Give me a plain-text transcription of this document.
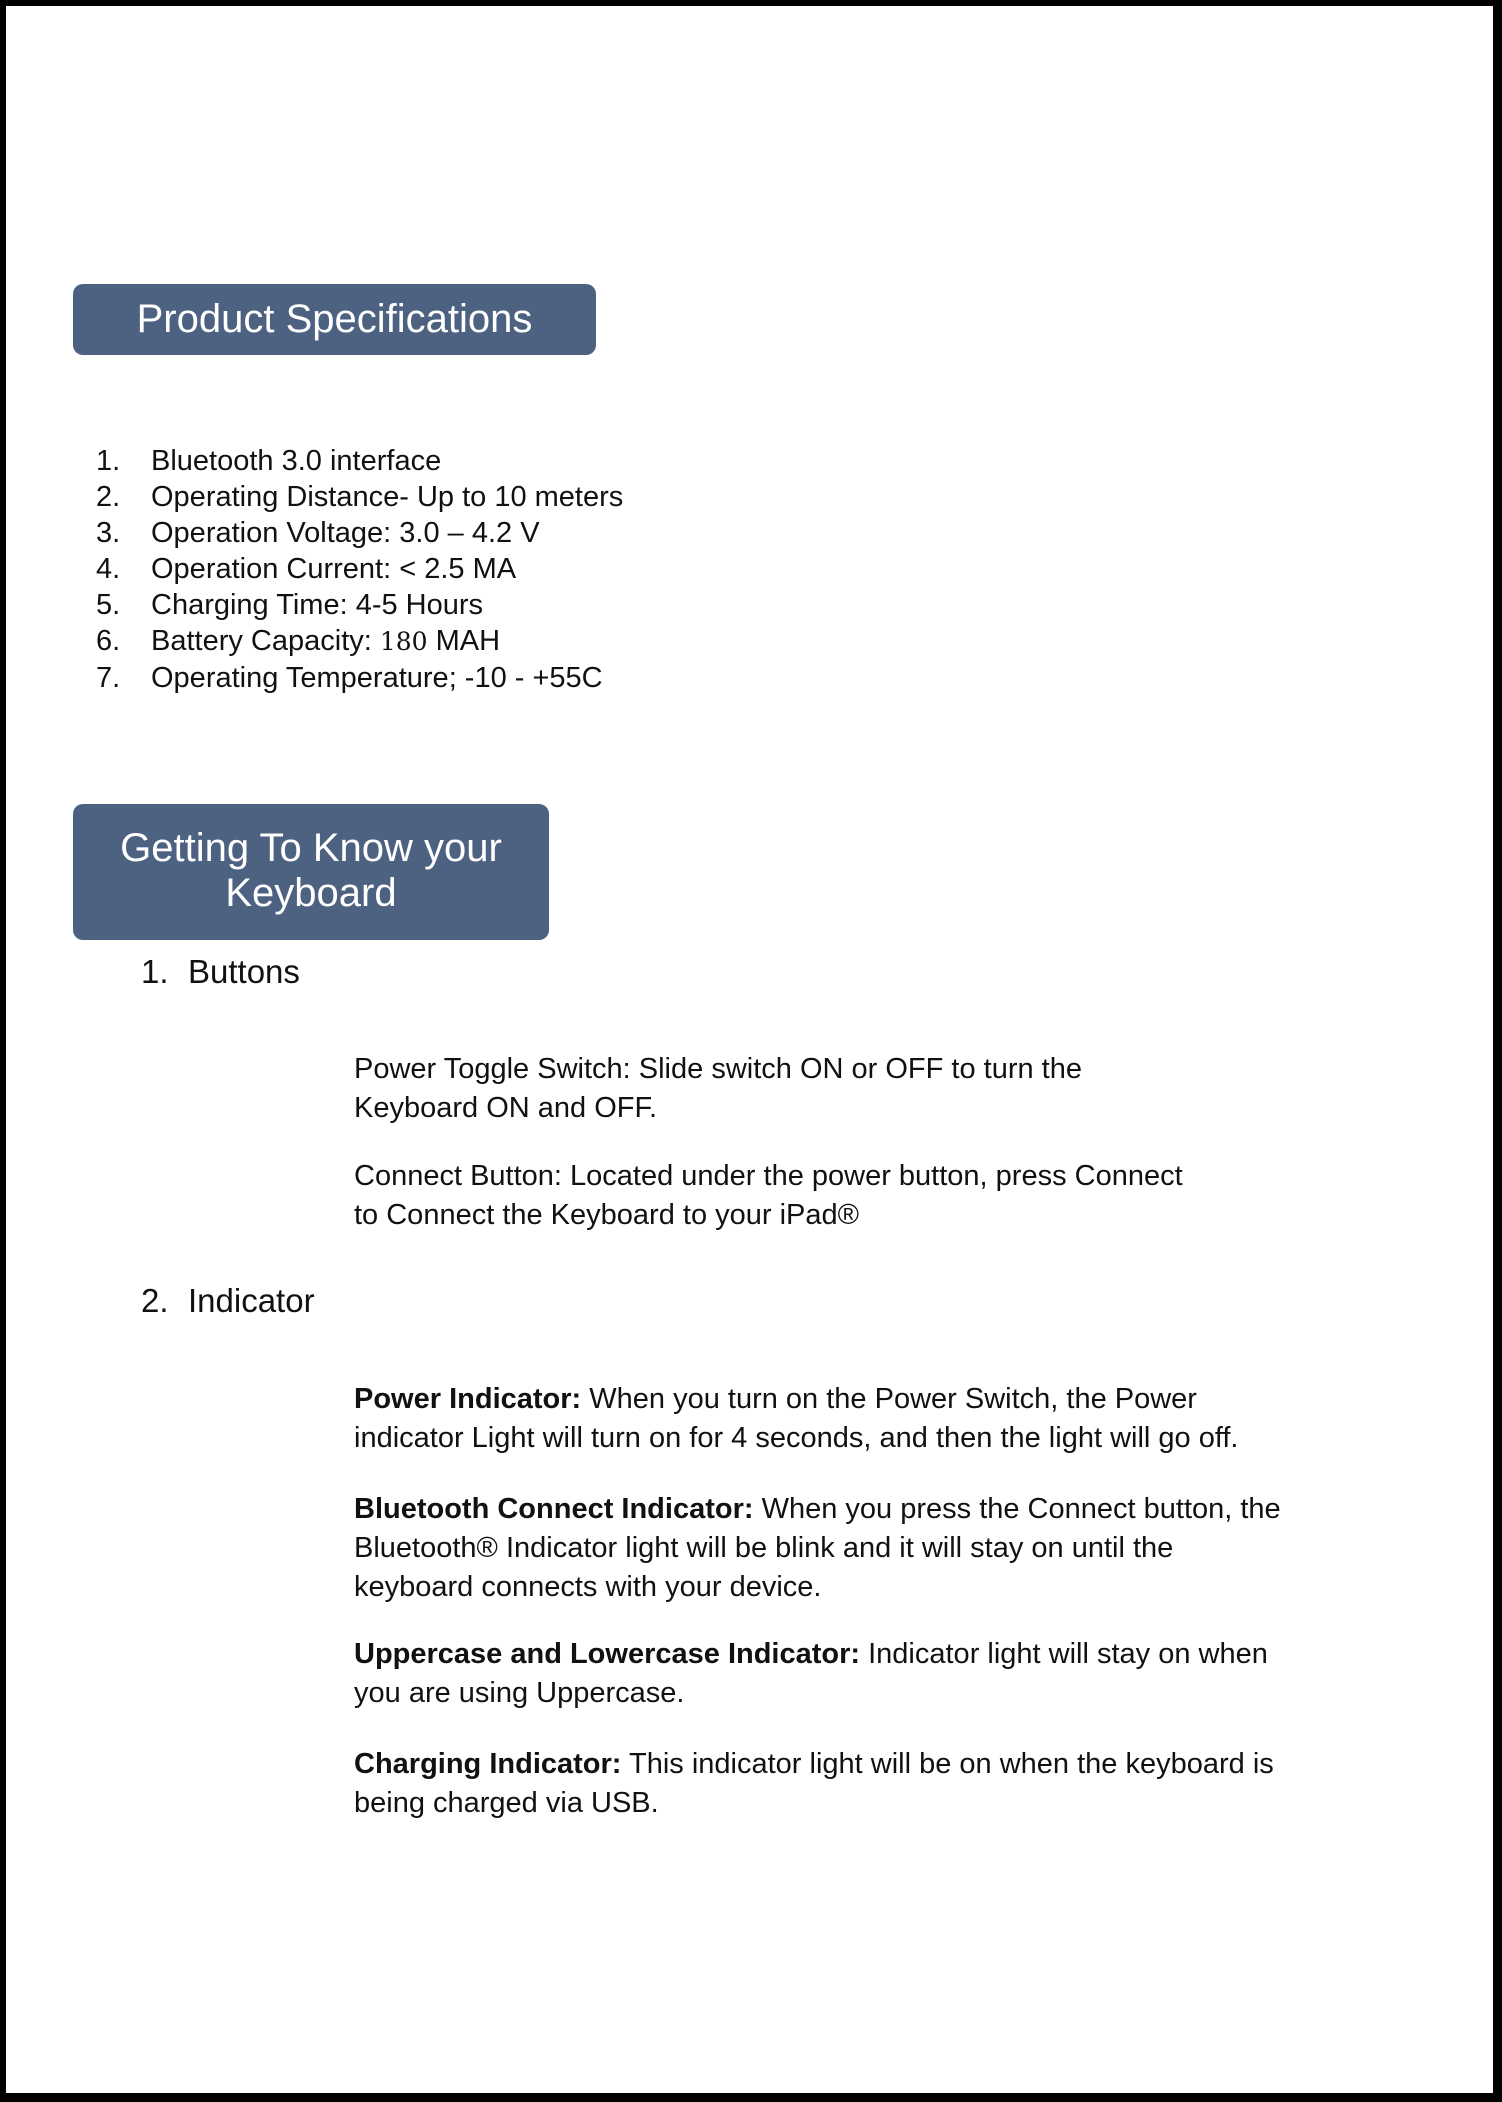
Product Specifications
1. Bluetooth 3.0 interface
2. Operating Distance- Up to 10 meters
3. Operation Voltage: 3.0 – 4.2 V
4. Operation Current: < 2.5 MA
5. Charging Time: 4-5 Hours
6. Battery Capacity: 180 MAH
7. Operating Temperature; -10 - +55C
Getting To Know your
Keyboard
1. Buttons

Power Toggle Switch: Slide switch ON or OFF to turn the
Keyboard ON and OFF.

Connect Button: Located under the power button, press Connect
to Connect the Keyboard to your iPad®

2. Indicator

Power Indicator: When you turn on the Power Switch, the Power
indicator Light will turn on for 4 seconds, and then the light will go off.

Bluetooth Connect Indicator: When you press the Connect button, the
Bluetooth® Indicator light will be blink and it will stay on until the
keyboard connects with your device.

Uppercase and Lowercase Indicator: Indicator light will stay on when
you are using Uppercase.

Charging Indicator: This indicator light will be on when the keyboard is
being charged via USB.
